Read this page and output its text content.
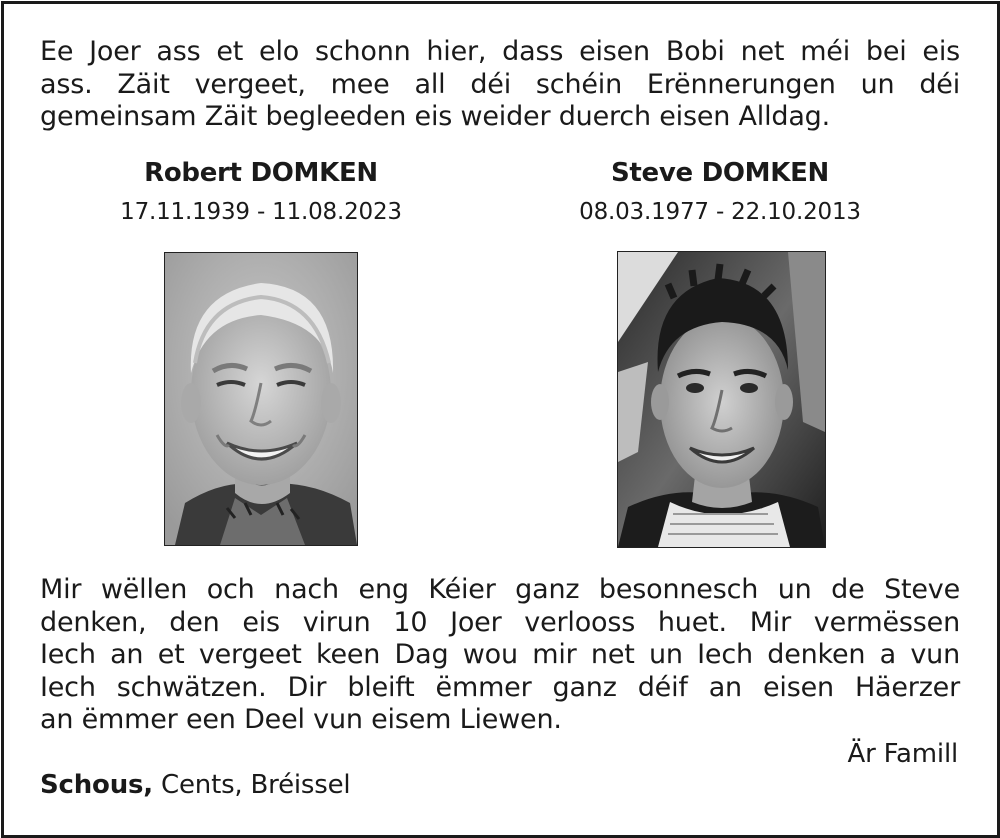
Ee Joer ass et elo schonn hier, dass eisen Bobi net méi bei eis
ass. Zäit vergeet, mee all déi schéin Erënnerungen un déi
gemeinsam Zäit begleeden eis weider duerch eisen Alldag.

Robert DOMKEN

17.11.1939 - 11.08.2023

Steve DOMKEN

08.03.1977 - 22.10.2013

Mir wëllen och nach eng Kéier ganz besonnesch un de Steve
denken, den eis virun 10 Joer verlooss huet. Mir vermëssen
Iech an et vergeet keen Dag wou mir net un Iech denken a vun
Iech schwätzen. Dir bleift ëmmer ganz déif an eisen Häerzer
an ëmmer een Deel vun eisem Liewen.

Är Famill

Schous, Cents, Bréissel
